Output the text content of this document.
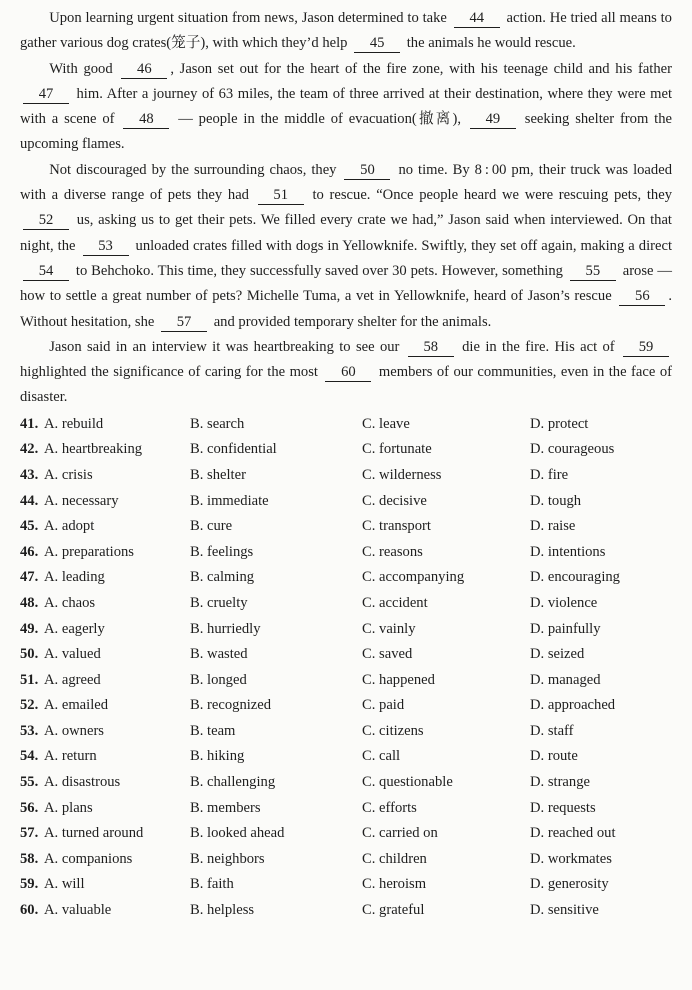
Upon learning urgent situation from news, Jason determined to take 44 action. He tried all means to gather various dog crates(笼子), with which they’d help 45 the animals he would rescue.

With good 46 , Jason set out for the heart of the fire zone, with his teenage child and his father 47 him. After a journey of 63 miles, the team of three arrived at their destination, where they were met with a scene of 48 — people in the middle of evacuation(撤离), 49 seeking shelter from the upcoming flames.

Not discouraged by the surrounding chaos, they 50 no time. By 8 : 00 pm, their truck was loaded with a diverse range of pets they had 51 to rescue. “Once people heard we were rescuing pets, they 52 us, asking us to get their pets. We filled every crate we had,” Jason said when interviewed. On that night, the 53 unloaded crates filled with dogs in Yellowknife. Swiftly, they set off again, making a direct 54 to Behchoko. This time, they successfully saved over 30 pets. However, something 55 arose — how to settle a great number of pets? Michelle Tuma, a vet in Yellowknife, heard of Jason’s rescue 56 . Without hesitation, she 57 and provided temporary shelter for the animals.

Jason said in an interview it was heartbreaking to see our 58 die in the fire. His act of 59 highlighted the significance of caring for the most 60 members of our communities, even in the face of disaster.

41. A. rebuild	B. search	C. leave	D. protect
42. A. heartbreaking	B. confidential	C. fortunate	D. courageous
43. A. crisis	B. shelter	C. wilderness	D. fire
44. A. necessary	B. immediate	C. decisive	D. tough
45. A. adopt	B. cure	C. transport	D. raise
46. A. preparations	B. feelings	C. reasons	D. intentions
47. A. leading	B. calming	C. accompanying	D. encouraging
48. A. chaos	B. cruelty	C. accident	D. violence
49. A. eagerly	B. hurriedly	C. vainly	D. painfully
50. A. valued	B. wasted	C. saved	D. seized
51. A. agreed	B. longed	C. happened	D. managed
52. A. emailed	B. recognized	C. paid	D. approached
53. A. owners	B. team	C. citizens	D. staff
54. A. return	B. hiking	C. call	D. route
55. A. disastrous	B. challenging	C. questionable	D. strange
56. A. plans	B. members	C. efforts	D. requests
57. A. turned around	B. looked ahead	C. carried on	D. reached out
58. A. companions	B. neighbors	C. children	D. workmates
59. A. will	B. faith	C. heroism	D. generosity
60. A. valuable	B. helpless	C. grateful	D. sensitive
